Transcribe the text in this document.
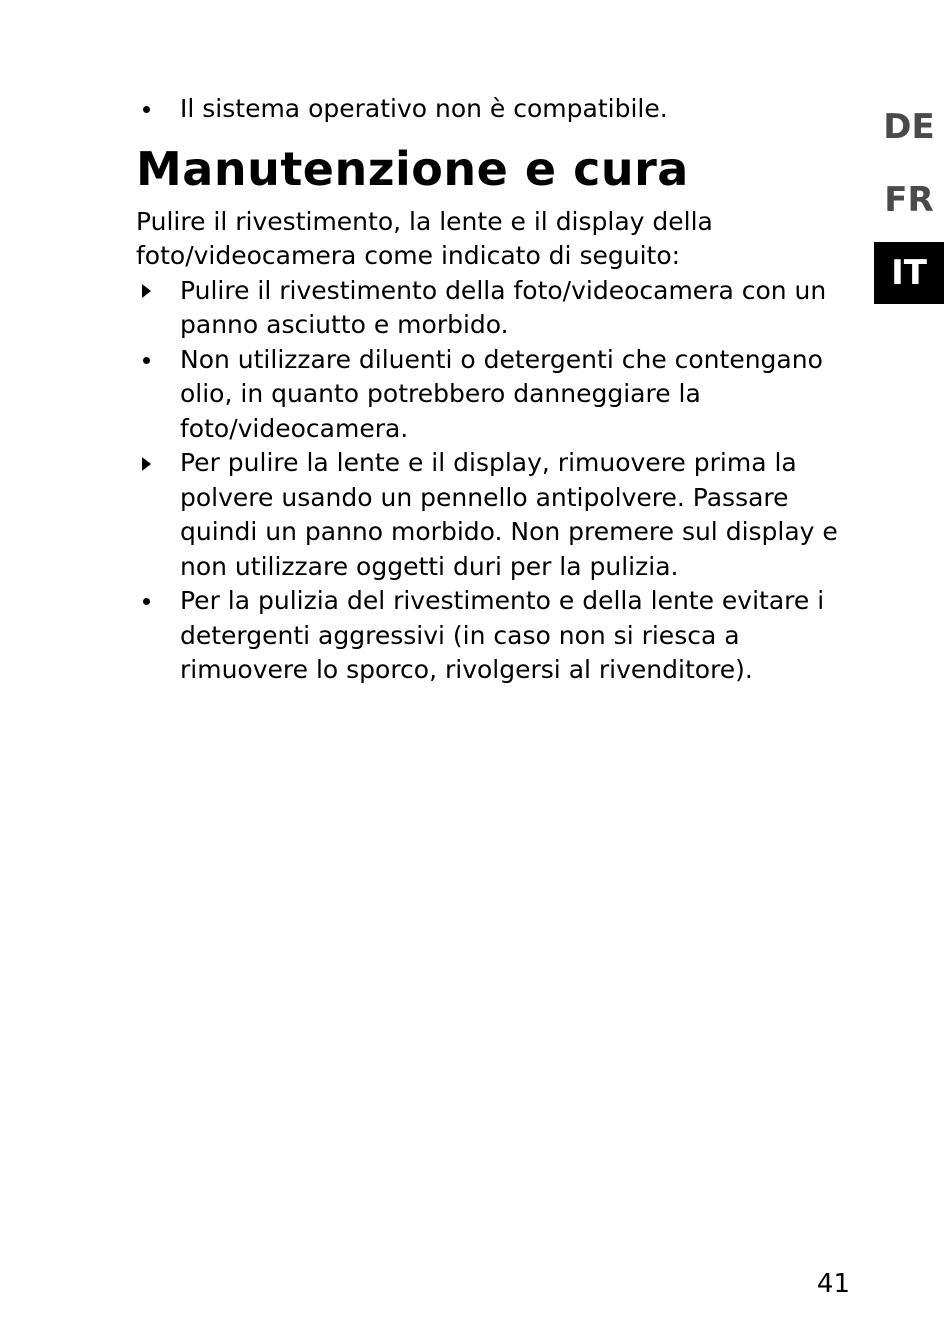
Il sistema operativo non è compatibile.
Manutenzione e cura

Pulire il rivestimento, la lente e il display della foto/videocamera come indicato di seguito:

Pulire il rivestimento della foto/videocamera con un panno asciutto e morbido.
Non utilizzare diluenti o detergenti che contengano olio, in quanto potrebbero danneggiare la foto/videocamera.
Per pulire la lente e il display, rimuovere prima la polvere usando un pennello antipolvere. Passare quindi un panno morbido. Non premere sul display e non utilizzare oggetti duri per la pulizia.
Per la pulizia del rivestimento e della lente evitare i detergenti aggressivi (in caso non si riesca a rimuovere lo sporco, rivolgersi al rivenditore).
DE
FR
IT
41
